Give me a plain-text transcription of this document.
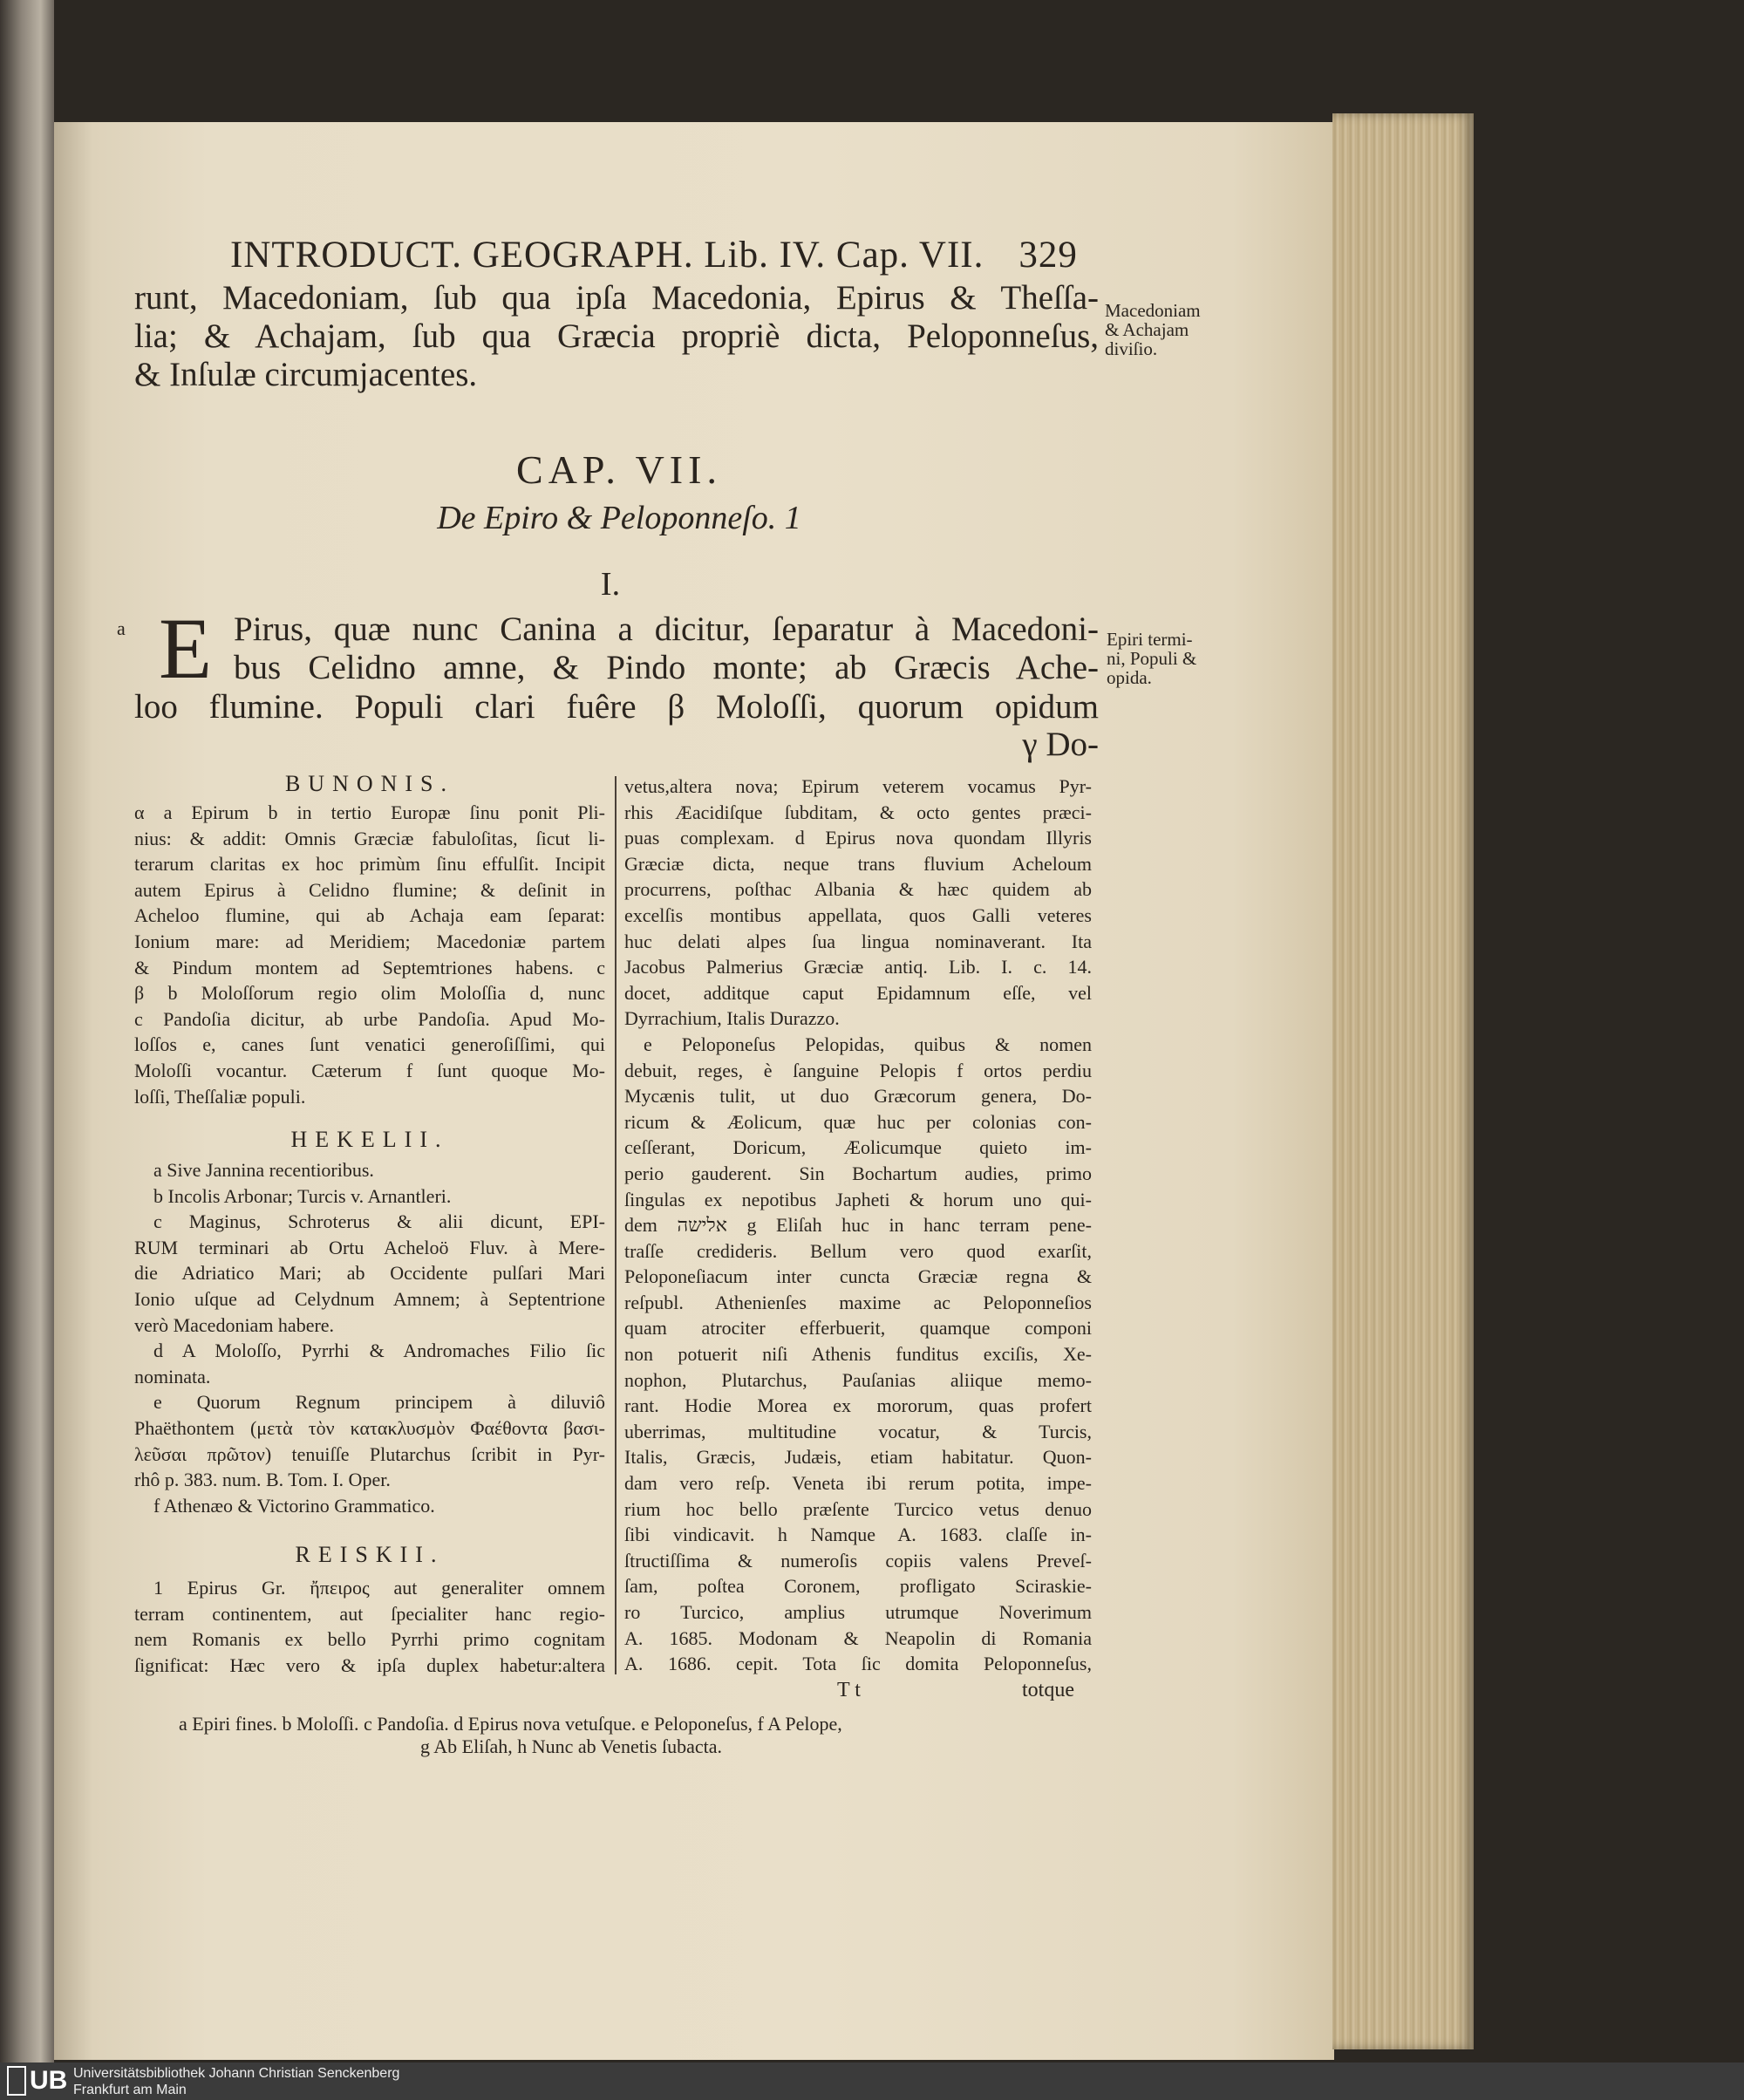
INTRODUCT. GEOGRAPH. Lib. IV. Cap. VII. 329
runt, Macedoniam, ſub qua ipſa Macedonia, Epirus & Theſſa-
lia; & Achajam, ſub qua Græcia propriè dicta, Peloponneſus,
& Inſulæ circumjacentes.
Macedoniam
& Achajam
diviſio.
Epiri termi-
ni, Populi &
opida.
CAP. VII.
De Epiro & Peloponneſo. 1
I.
a E Pirus, quæ nunc Canina a dicitur, ſeparatur à Macedoni-
bus Celidno amne, & Pindo monte; ab Græcis Ache-
loo flumine. Populi clari fuêre β Moloſſi, quorum opidum
γ Do-
BUNONIS.
α a Epirum b in tertio Europæ ſinu ponit Pli-
nius: & addit: Omnis Græciæ fabuloſitas, ſicut li-
terarum claritas ex hoc primùm ſinu effulſit. Incipit
autem Epirus à Celidno flumine; & deſinit in
Acheloo flumine, qui ab Achaja eam ſeparat:
Ionium mare: ad Meridiem; Macedoniæ partem
& Pindum montem ad Septemtriones habens. c
β b Moloſſorum regio olim Moloſſia d, nunc
c Pandoſia dicitur, ab urbe Pandoſia. Apud Mo-
loſſos e, canes ſunt venatici generoſiſſimi, qui
Moloſſi vocantur. Cæterum f ſunt quoque Mo-
loſſi, Theſſaliæ populi.
HEKELII.
a Sive Jannina recentioribus.
b Incolis Arbonar; Turcis v. Arnantleri.
c Maginus, Schroterus & alii dicunt, EPI-
RUM terminari ab Ortu Acheloö Fluv. à Mere-
die Adriatico Mari; ab Occidente pulſari Mari
Ionio uſque ad Celydnum Amnem; à Septentrione
verò Macedoniam habere.
d A Moloſſo, Pyrrhi & Andromaches Filio ſic
nominata.
e Quorum Regnum principem à diluviô
Phaëthontem (μετὰ τὸν κατακλυσμὸν Φαέθοντα βασι-
λεῦσαι πρῶτον) tenuiſſe Plutarchus ſcribit in Pyr-
rhô p. 383. num. B. Tom. I. Oper.
f Athenæo & Victorino Grammatico.
REISKII.
1 Epirus Gr. ἤπειρος aut generaliter omnem
terram continentem, aut ſpecialiter hanc regio-
nem Romanis ex bello Pyrrhi primo cognitam
ſignificat: Hæc vero & ipſa duplex habetur:altera
vetus,altera nova; Epirum veterem vocamus Pyr-
rhis Æacidiſque ſubditam, & octo gentes præci-
puas complexam. d Epirus nova quondam Illyris
Græciæ dicta, neque trans fluvium Acheloum
procurrens, poſthac Albania & hæc quidem ab
excelſis montibus appellata, quos Galli veteres
huc delati alpes ſua lingua nominaverant. Ita
Jacobus Palmerius Græciæ antiq. Lib. I. c. 14.
docet, additque caput Epidamnum eſſe, vel
Dyrrachium, Italis Durazzo.
e Peloponeſus Pelopidas, quibus & nomen
debuit, reges, è ſanguine Pelopis f ortos perdiu
Mycænis tulit, ut duo Græcorum genera, Do-
ricum & Æolicum, quæ huc per colonias con-
ceſſerant, Doricum, Æolicumque quieto im-
perio gauderent. Sin Bochartum audies, primo
ſingulas ex nepotibus Japheti & horum uno qui-
dem אלישה g Eliſah huc in hanc terram pene-
traſſe credideris. Bellum vero quod exarſit,
Peloponeſiacum inter cuncta Græciæ regna &
reſpubl. Athenienſes maxime ac Peloponneſios
quam atrociter efferbuerit, quamque componi
non potuerit niſi Athenis funditus exciſis, Xe-
nophon, Plutarchus, Pauſanias aliique memo-
rant. Hodie Morea ex mororum, quas profert
uberrimas, multitudine vocatur, & Turcis,
Italis, Græcis, Judæis, etiam habitatur. Quon-
dam vero reſp. Veneta ibi rerum potita, impe-
rium hoc bello præſente Turcico vetus denuo
ſibi vindicavit. h Namque A. 1683. claſſe in-
ſtructiſſima & numeroſis copiis valens Preveſ-
ſam, poſtea Coronem, profligato Sciraskie-
ro Turcico, amplius utrumque Noverimum
A. 1685. Modonam & Neapolin di Romania
A. 1686. cepit. Tota ſic domita Peloponneſus,
T t	totque
a Epiri fines. b Moloſſi. c Pandoſia. d Epirus nova vetuſque. e Peloponeſus, f A Pelope,
g Ab Eliſah, h Nunc ab Venetis ſubacta.
UB Universitätsbibliothek Johann Christian Senckenberg
Frankfurt am Main
